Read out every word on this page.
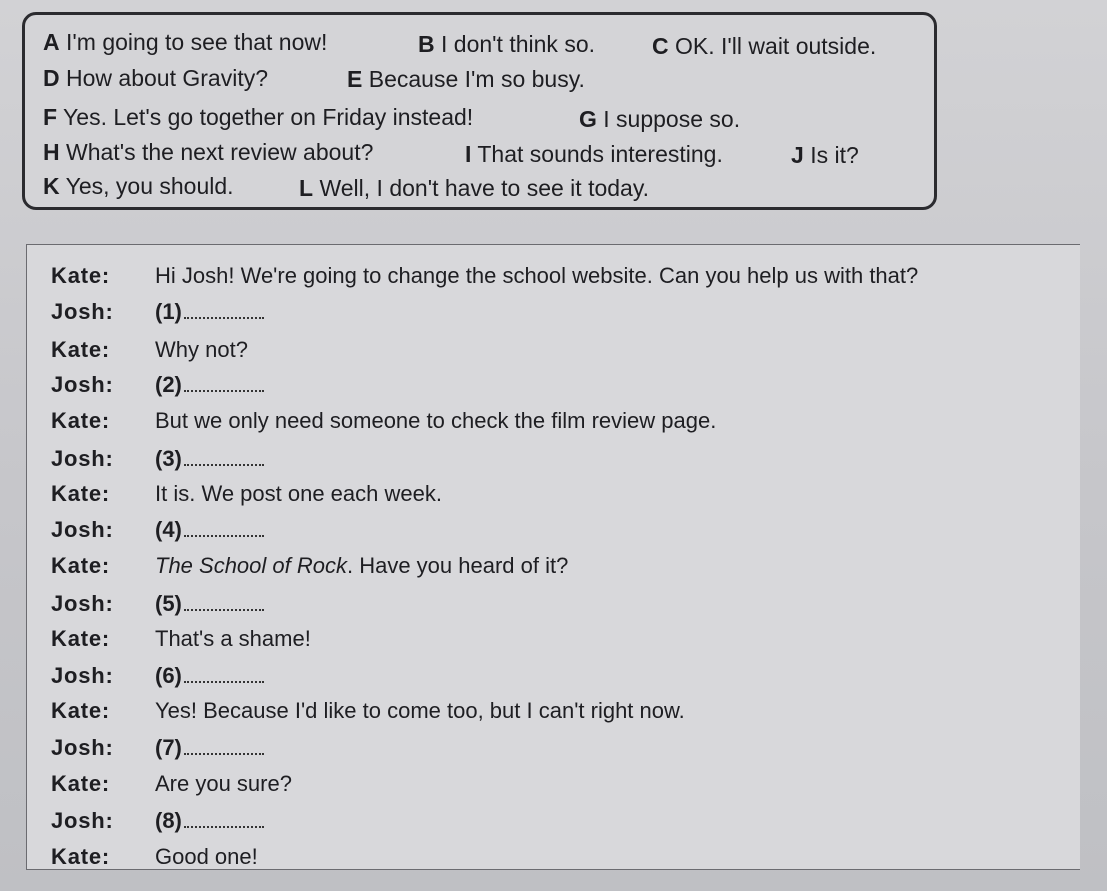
A I'm going to see that now!	B I don't think so. C OK. I'll wait outside.
D How about Gravity?	E Because I'm so busy.
F Yes. Let's go together on Friday instead!	G I suppose so.
H What's the next review about?	I That sounds interesting.	J Is it?
K Yes, you should.	L Well, I don't have to see it today.
Kate: Hi Josh! We're going to change the school website. Can you help us with that?
Josh: (1)
Kate: Why not?
Josh: (2)
Kate: But we only need someone to check the film review page.
Josh: (3)
Kate: It is. We post one each week.
Josh: (4)
Kate: The School of Rock. Have you heard of it?
Josh: (5)
Kate: That's a shame!
Josh: (6)
Kate: Yes! Because I'd like to come too, but I can't right now.
Josh: (7)
Kate: Are you sure?
Josh: (8)
Kate: Good one!
